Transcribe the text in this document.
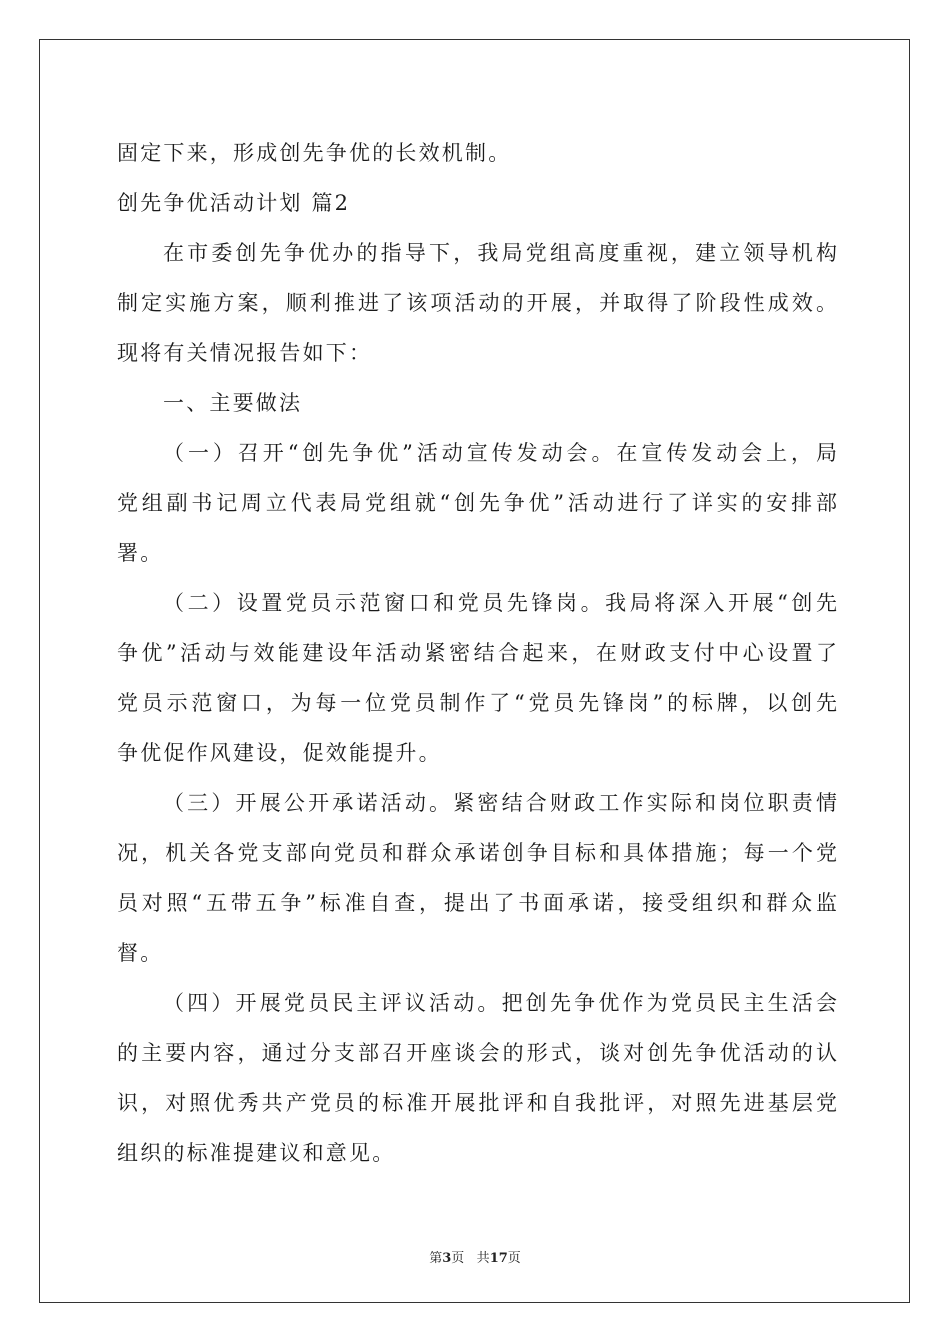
固定下来，形成创先争优的长效机制。
创先争优活动计划 篇2
在市委创先争优办的指导下，我局党组高度重视，建立领导机构
制定实施方案，顺利推进了该项活动的开展，并取得了阶段性成效。
现将有关情况报告如下：
一、主要做法
（一）召开“创先争优”活动宣传发动会。在宣传发动会上，局
党组副书记周立代表局党组就“创先争优”活动进行了详实的安排部
署。
（二）设置党员示范窗口和党员先锋岗。我局将深入开展“创先
争优”活动与效能建设年活动紧密结合起来，在财政支付中心设置了
党员示范窗口，为每一位党员制作了“党员先锋岗”的标牌，以创先
争优促作风建设，促效能提升。
（三）开展公开承诺活动。紧密结合财政工作实际和岗位职责情
况，机关各党支部向党员和群众承诺创争目标和具体措施；每一个党
员对照“五带五争”标准自查，提出了书面承诺，接受组织和群众监
督。
（四）开展党员民主评议活动。把创先争优作为党员民主生活会
的主要内容，通过分支部召开座谈会的形式，谈对创先争优活动的认
识，对照优秀共产党员的标准开展批评和自我批评，对照先进基层党
组织的标准提建议和意见。
第3页 共17页
